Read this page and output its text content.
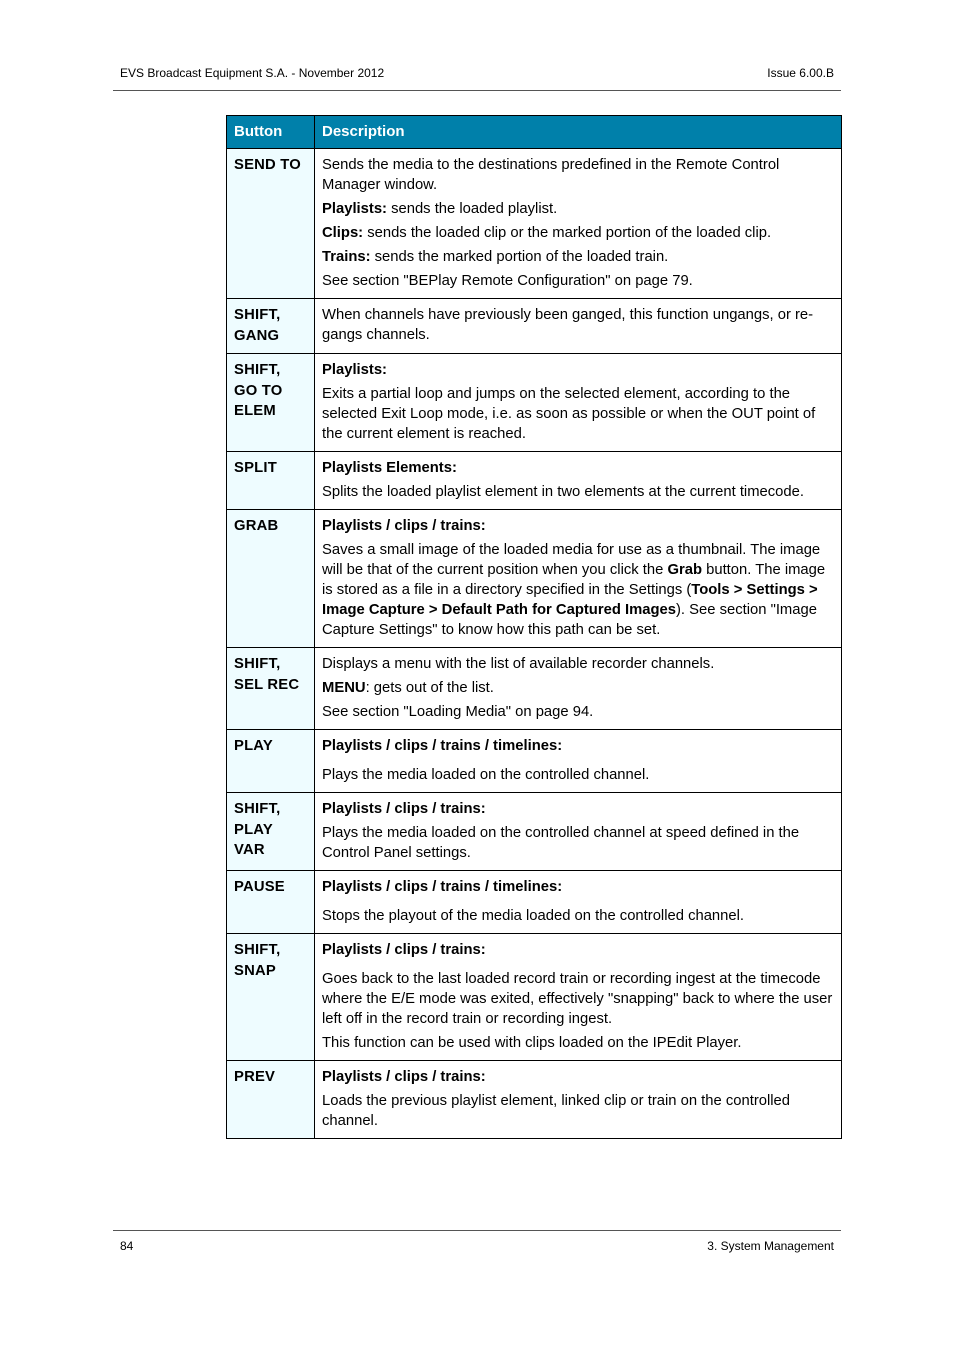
EVS Broadcast Equipment S.A. - November 2012	Issue 6.00.B
Button	Description
SEND TO	Sends the media to the destinations predefined in the Remote Control Manager window.

Playlists: sends the loaded playlist.

Clips: sends the loaded clip or the marked portion of the loaded clip.

Trains: sends the marked portion of the loaded train.

See section "BEPlay Remote Configuration" on page 79.

SHIFT, GANG	When channels have previously been ganged, this function ungangs, or re-gangs channels.

SHIFT, GO TO ELEM	Playlists:

Exits a partial loop and jumps on the selected element, according to the selected Exit Loop mode, i.e. as soon as possible or when the OUT point of the current element is reached.

SPLIT	Playlists Elements:

Splits the loaded playlist element in two elements at the current timecode.

GRAB	Playlists / clips / trains:

Saves a small image of the loaded media for use as a thumbnail. The image will be that of the current position when you click the Grab button. The image is stored as a file in a directory specified in the Settings (Tools > Settings > Image Capture > Default Path for Captured Images). See section "Image Capture Settings" to know how this path can be set.

SHIFT, SEL REC	Displays a menu with the list of available recorder channels.

MENU: gets out of the list.

See section "Loading Media" on page 94.

PLAY	Playlists / clips / trains / timelines:

Plays the media loaded on the controlled channel.

SHIFT, PLAY VAR	Playlists / clips / trains:

Plays the media loaded on the controlled channel at speed defined in the Control Panel settings.

PAUSE	Playlists / clips / trains / timelines:

Stops the playout of the media loaded on the controlled channel.

SHIFT, SNAP	Playlists / clips / trains:

Goes back to the last loaded record train or recording ingest at the timecode where the E/E mode was exited, effectively "snapping" back to where the user left off in the record train or recording ingest.

This function can be used with clips loaded on the IPEdit Player.

PREV	Playlists / clips / trains:

Loads the previous playlist element, linked clip or train on the controlled channel.

84	3. System Management
